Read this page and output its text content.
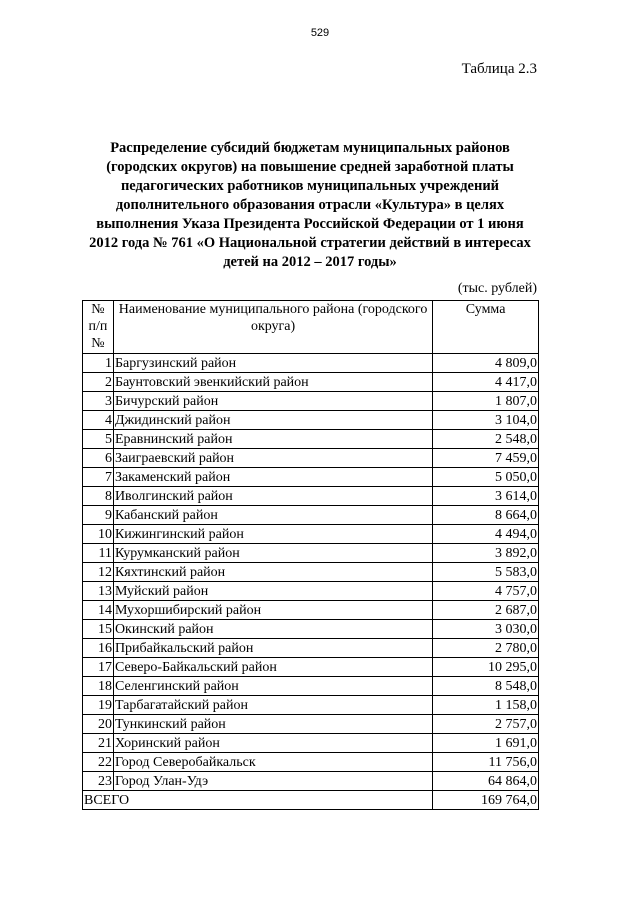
529
Таблица 2.3
Распределение субсидий бюджетам муниципальных районов (городских округов) на повышение средней заработной платы педагогических работников муниципальных учреждений дополнительного образования отрасли «Культура» в целях выполнения Указа Президента Российской Федерации от 1 июня 2012 года № 761 «О Национальной стратегии действий в интересах детей на 2012 – 2017 годы»
(тыс. рублей)
№ п/п №	Наименование муниципального района (городского округа)	Сумма
1	Баргузинский район	4 809,0
2	Баунтовский эвенкийский район	4 417,0
3	Бичурский район	1 807,0
4	Джидинский район	3 104,0
5	Еравнинский район	2 548,0
6	Заиграевский район	7 459,0
7	Закаменский район	5 050,0
8	Иволгинский район	3 614,0
9	Кабанский район	8 664,0
10	Кижингинский район	4 494,0
11	Курумканский район	3 892,0
12	Кяхтинский район	5 583,0
13	Муйский район	4 757,0
14	Мухоршибирский район	2 687,0
15	Окинский район	3 030,0
16	Прибайкальский район	2 780,0
17	Северо-Байкальский район	10 295,0
18	Селенгинский район	8 548,0
19	Тарбагатайский район	1 158,0
20	Тункинский район	2 757,0
21	Хоринский район	1 691,0
22	Город Северобайкальск	11 756,0
23	Город Улан-Удэ	64 864,0
ВСЕГО		169 764,0
